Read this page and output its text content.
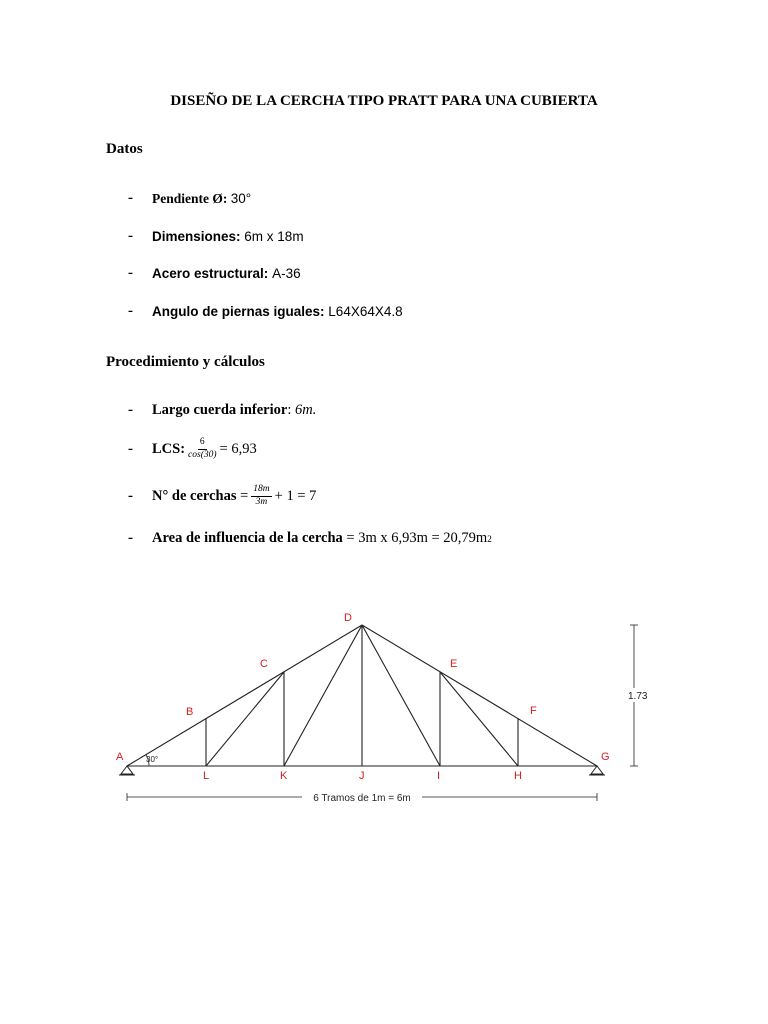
DISEÑO DE LA CERCHA TIPO PRATT PARA UNA CUBIERTA
Datos
-	Pendiente Ø:
30°
-	Dimensiones:
6m x 18m
-	Acero estructural:
A-36
-	Angulo de piernas iguales:
L64X64X4.8
Procedimiento y cálculos
-	Largo cuerda inferior : 6m.
-	LCS: $\frac{6}{\cos(30)} = 6,93$
-	N° de cerchas
= $\frac{18m}{3m} + 1 = 7$
-	Area de influencia de la cercha
= 3m x 6,93m = 20,79m 2
30°
A
B
C
D
E
F
G
H
I
J
K
L
1.73
6 Tramos de 1m = 6m
